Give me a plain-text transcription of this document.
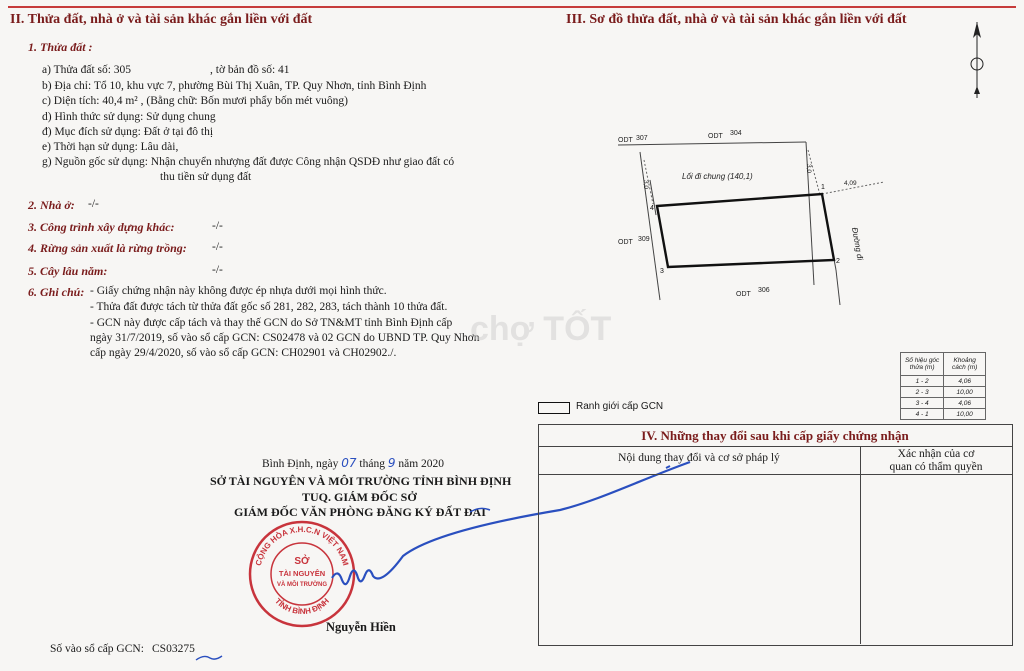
II. Thửa đất, nhà ở và tài sản khác gắn liền với đất
1. Thửa đất :
a) Thửa đất số: 305	, tờ bản đồ số: 41
b) Địa chỉ: Tổ 10, khu vực 7, phường Bùi Thị Xuân, TP. Quy Nhơn, tỉnh Bình Định
c) Diện tích: 40,4 m² , (Bằng chữ: Bốn mươi phẩy bốn mét vuông)
d) Hình thức sử dụng: Sử dụng chung
đ) Mục đích sử dụng: Đất ở tại đô thị
e) Thời hạn sử dụng: Lâu dài,
g) Nguồn gốc sử dụng: Nhận chuyển nhượng đất được Công nhận QSDĐ như giao đất có
thu tiền sử dụng đất
2. Nhà ở: -/-
3. Công trình xây dựng khác:	-/-
4. Rừng sản xuất là rừng trồng: -/-
5. Cây lâu năm:	-/-
6. Ghi chú: - Giấy chứng nhận này không được ép nhựa dưới mọi hình thức.
- Thửa đất được tách từ thửa đất gốc số 281, 282, 283, tách thành 10 thửa đất.
- GCN này được cấp tách và thay thế GCN do Sở TN&MT tỉnh Bình Định cấp
ngày 31/7/2019, số vào sổ cấp GCN: CS02478 và 02 GCN do UBND TP. Quy Nhơn
cấp ngày 29/4/2020, số vào sổ cấp GCN: CH02901 và CH02902./.
Bình Định, ngày 07 tháng 9 năm 2020
SỞ TÀI NGUYÊN VÀ MÔI TRƯỜNG TỈNH BÌNH ĐỊNH
TUQ. GIÁM ĐỐC SỞ
GIÁM ĐỐC VĂN PHÒNG ĐĂNG KÝ ĐẤT ĐAI
CỘNG HÒA X.H.C.N VIỆT NAM
TỈNH BÌNH ĐỊNH
SỞ
TÀI NGUYÊN
VÀ MÔI TRƯỜNG
Nguyễn Hiền
Số vào sổ cấp GCN: CS03275
III. Sơ đồ thửa đất, nhà ở và tài sản khác gắn liền với đất
ODT 307	ODT 304
ODT 309
ODT
306
Lối đi chung (140,1)
Đường đi
3,0
3,0
4,09
1
2
3
4
chợ TỐT
Số hiệu góc thửa (m)	Khoảng cách (m)
1 - 2	4,06
2 - 3	10,00
3 - 4	4,06
4 - 1	10,00
Ranh giới cấp GCN
IV. Những thay đổi sau khi cấp giấy chứng nhận
Nội dung thay đổi và cơ sở pháp lý	Xác nhận của cơ
quan có thẩm quyền
